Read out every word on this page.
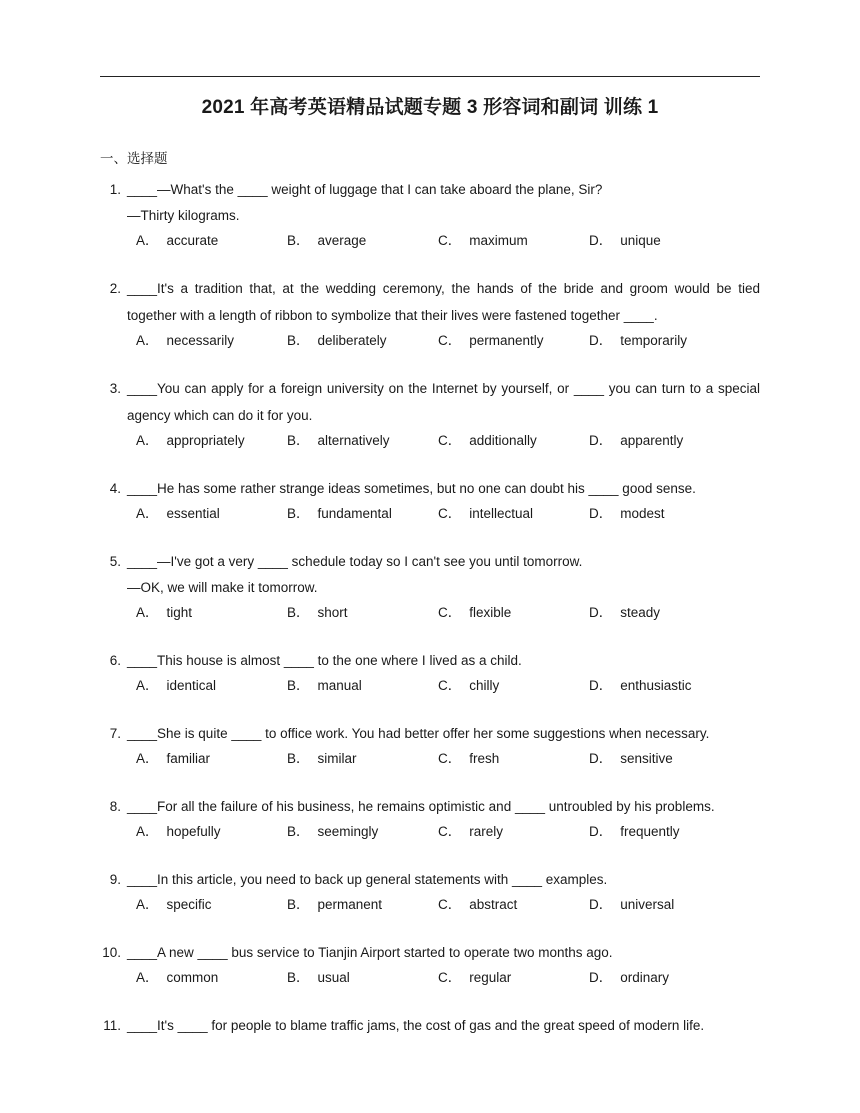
2021 年高考英语精品试题专题 3 形容词和副词 训练 1
一、选择题
1. ____—What's the ____ weight of luggage that I can take aboard the plane, Sir?
—Thirty kilograms.
A． accurate	B． average	C． maximum	D． unique
2. ____It's a tradition that, at the wedding ceremony, the hands of the bride and groom would be tied together with a length of ribbon to symbolize that their lives were fastened together ____.
A． necessarily	B． deliberately	C． permanently	D． temporarily
3. ____You can apply for a foreign university on the Internet by yourself, or ____ you can turn to a special agency which can do it for you.
A． appropriately	B． alternatively	C． additionally	D． apparently
4. ____He has some rather strange ideas sometimes, but no one can doubt his ____ good sense.
A． essential	B． fundamental	C． intellectual	D． modest
5. ____—I've got a very ____ schedule today so I can't see you until tomorrow.
—OK, we will make it tomorrow.
A． tight	B． short	C． flexible	D． steady
6. ____This house is almost ____ to the one where I lived as a child.
A． identical	B． manual	C． chilly	D． enthusiastic
7. ____She is quite ____ to office work. You had better offer her some suggestions when necessary.
A． familiar	B． similar	C． fresh	D． sensitive
8. ____For all the failure of his business, he remains optimistic and ____ untroubled by his problems.
A． hopefully	B． seemingly	C． rarely	D． frequently
9. ____In this article, you need to back up general statements with ____ examples.
A． specific	B． permanent	C． abstract	D． universal
10. ____A new ____ bus service to Tianjin Airport started to operate two months ago.
A． common	B． usual	C． regular	D． ordinary
11. ____It's ____ for people to blame traffic jams, the cost of gas and the great speed of modern life.
